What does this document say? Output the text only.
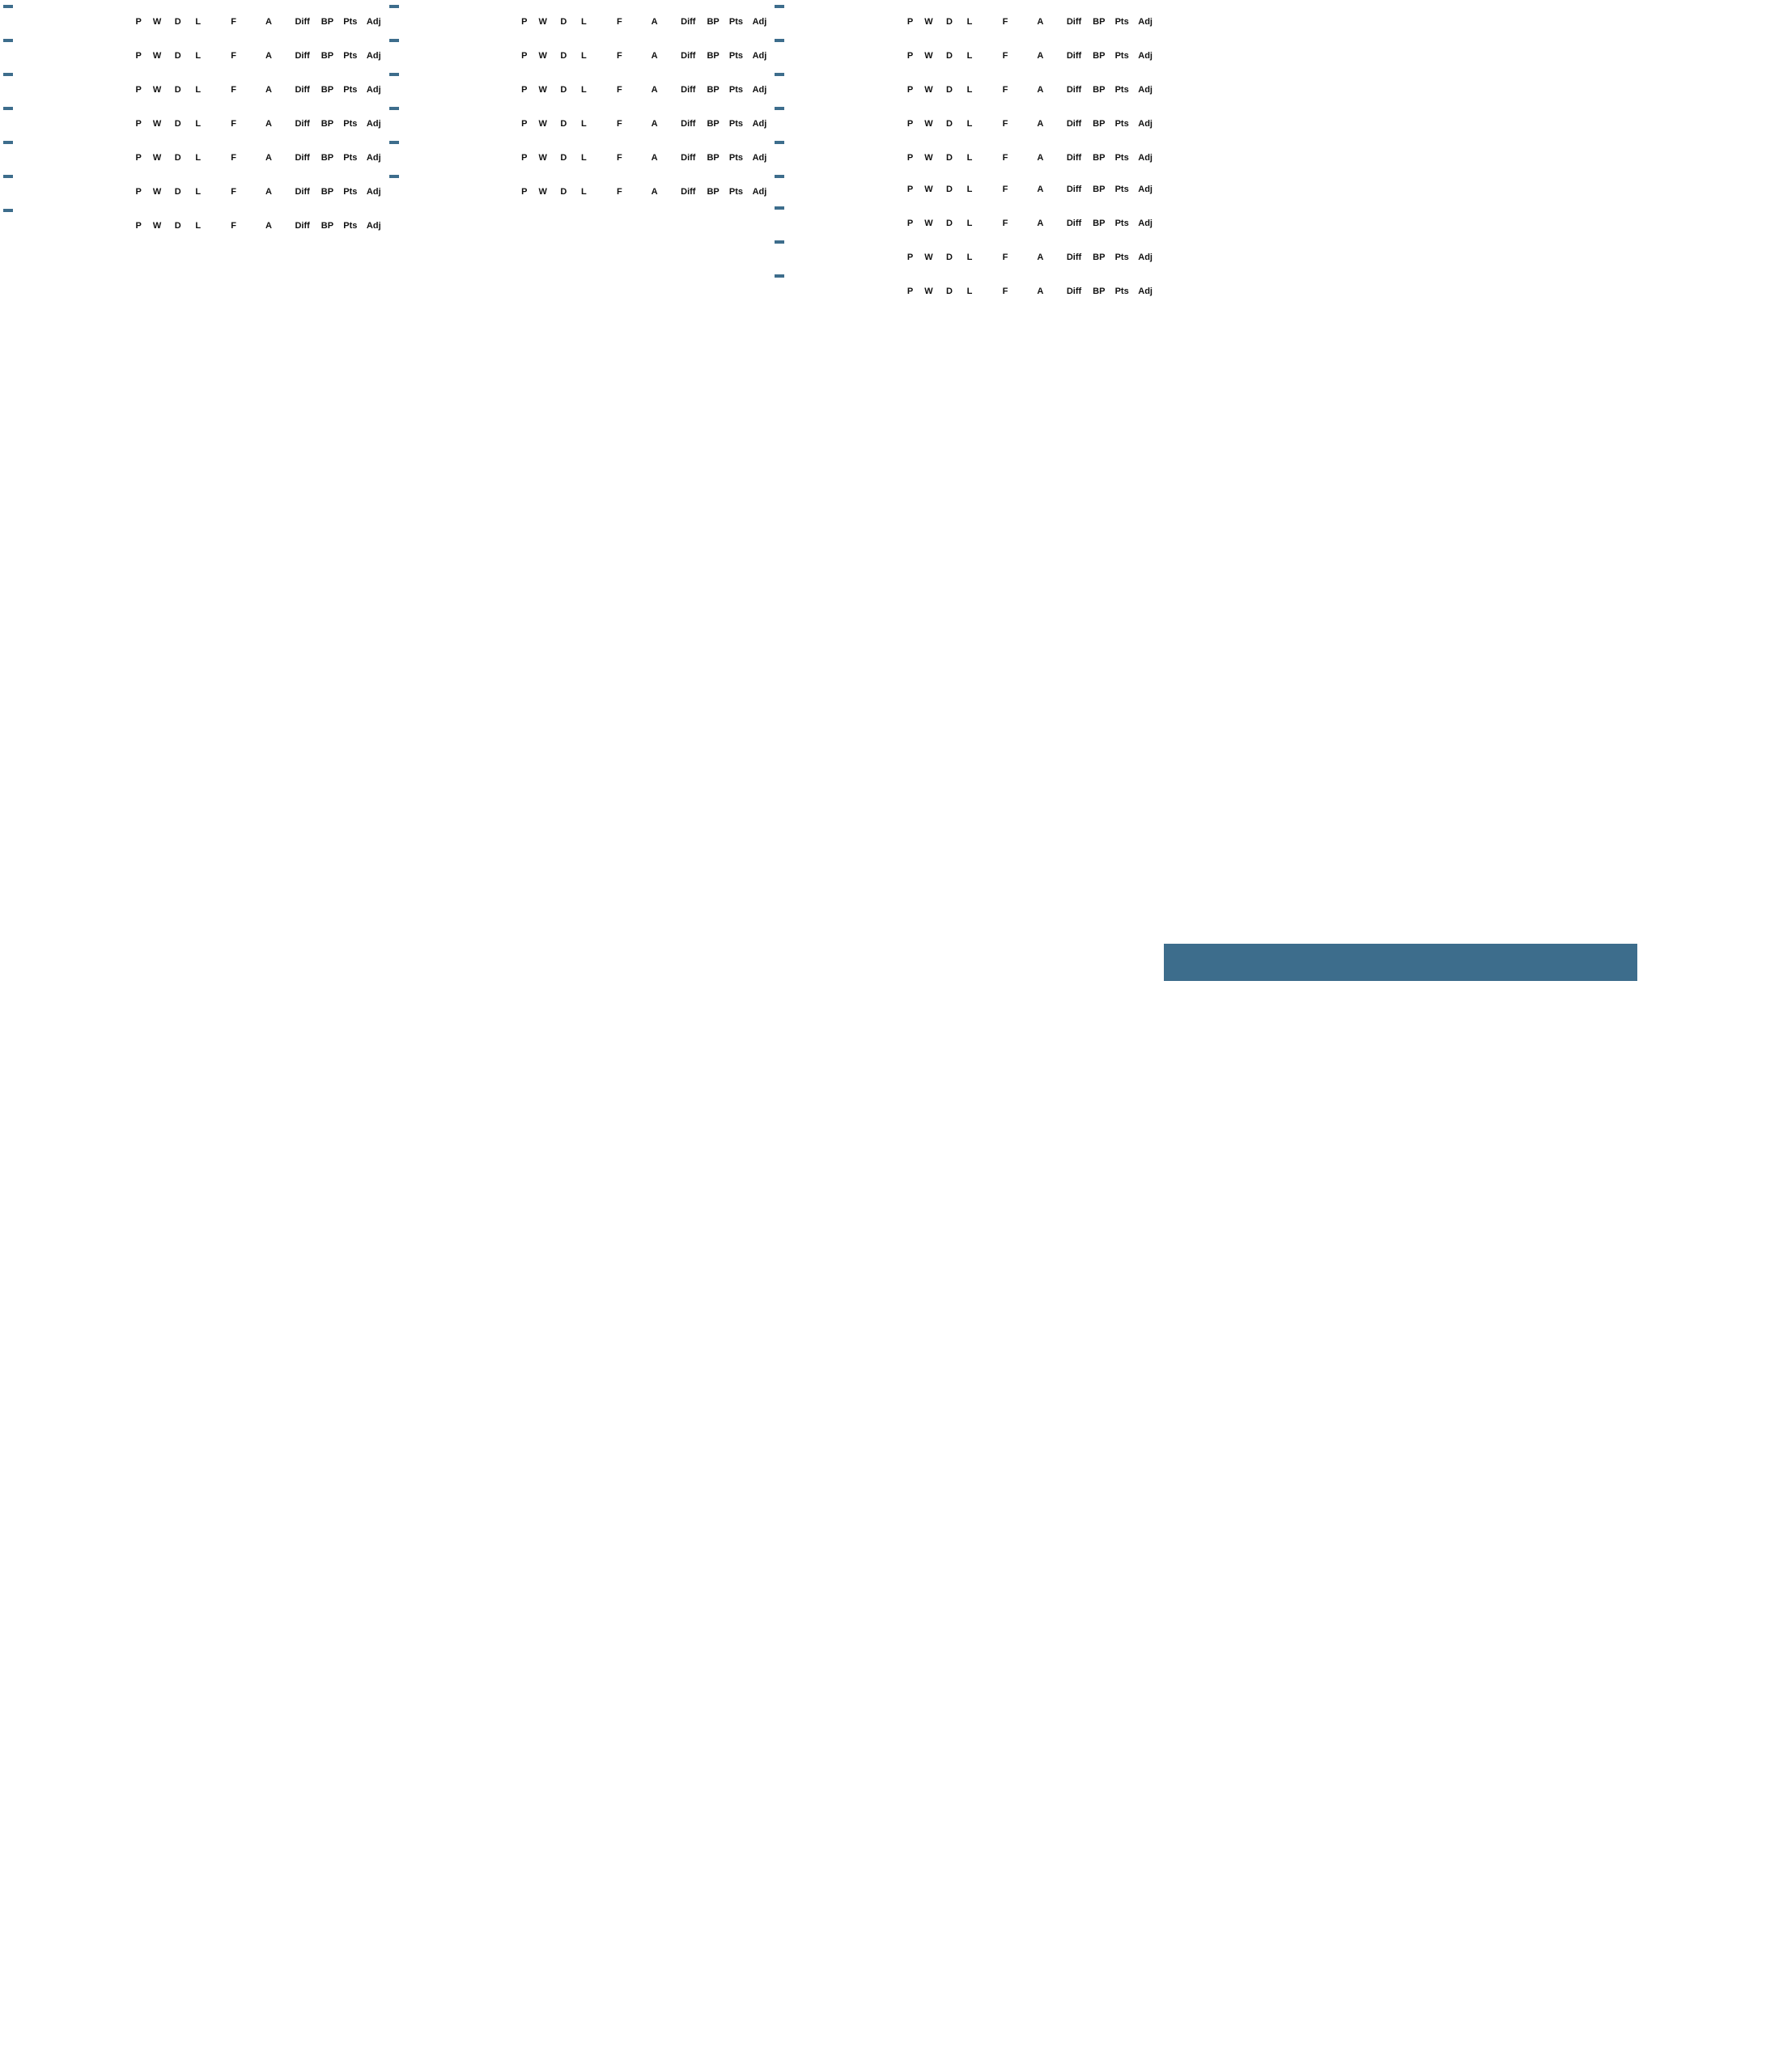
P	W	D	L	F	A	Diff	BP	Pts	Adj
P	W	D	L	F	A	Diff	BP	Pts	Adj
P	W	D	L	F	A	Diff	BP	Pts	Adj
P	W	D	L	F	A	Diff	BP	Pts	Adj
P	W	D	L	F	A	Diff	BP	Pts	Adj
P	W	D	L	F	A	Diff	BP	Pts	Adj
P	W	D	L	F	A	Diff	BP	Pts	Adj
P	W	D	L	F	A	Diff	BP	Pts	Adj
P	W	D	L	F	A	Diff	BP	Pts	Adj
P	W	D	L	F	A	Diff	BP	Pts	Adj
P	W	D	L	F	A	Diff	BP	Pts	Adj
P	W	D	L	F	A	Diff	BP	Pts	Adj
P	W	D	L	F	A	Diff	BP	Pts	Adj
P	W	D	L	F	A	Diff	BP	Pts	Adj
P	W	D	L	F	A	Diff	BP	Pts	Adj
P	W	D	L	F	A	Diff	BP	Pts	Adj
P	W	D	L	F	A	Diff	BP	Pts	Adj
P	W	D	L	F	A	Diff	BP	Pts	Adj
P	W	D	L	F	A	Diff	BP	Pts	Adj
P	W	D	L	F	A	Diff	BP	Pts	Adj
P	W	D	L	F	A	Diff	BP	Pts	Adj
P	W	D	L	F	A	Diff	BP	Pts	Adj
